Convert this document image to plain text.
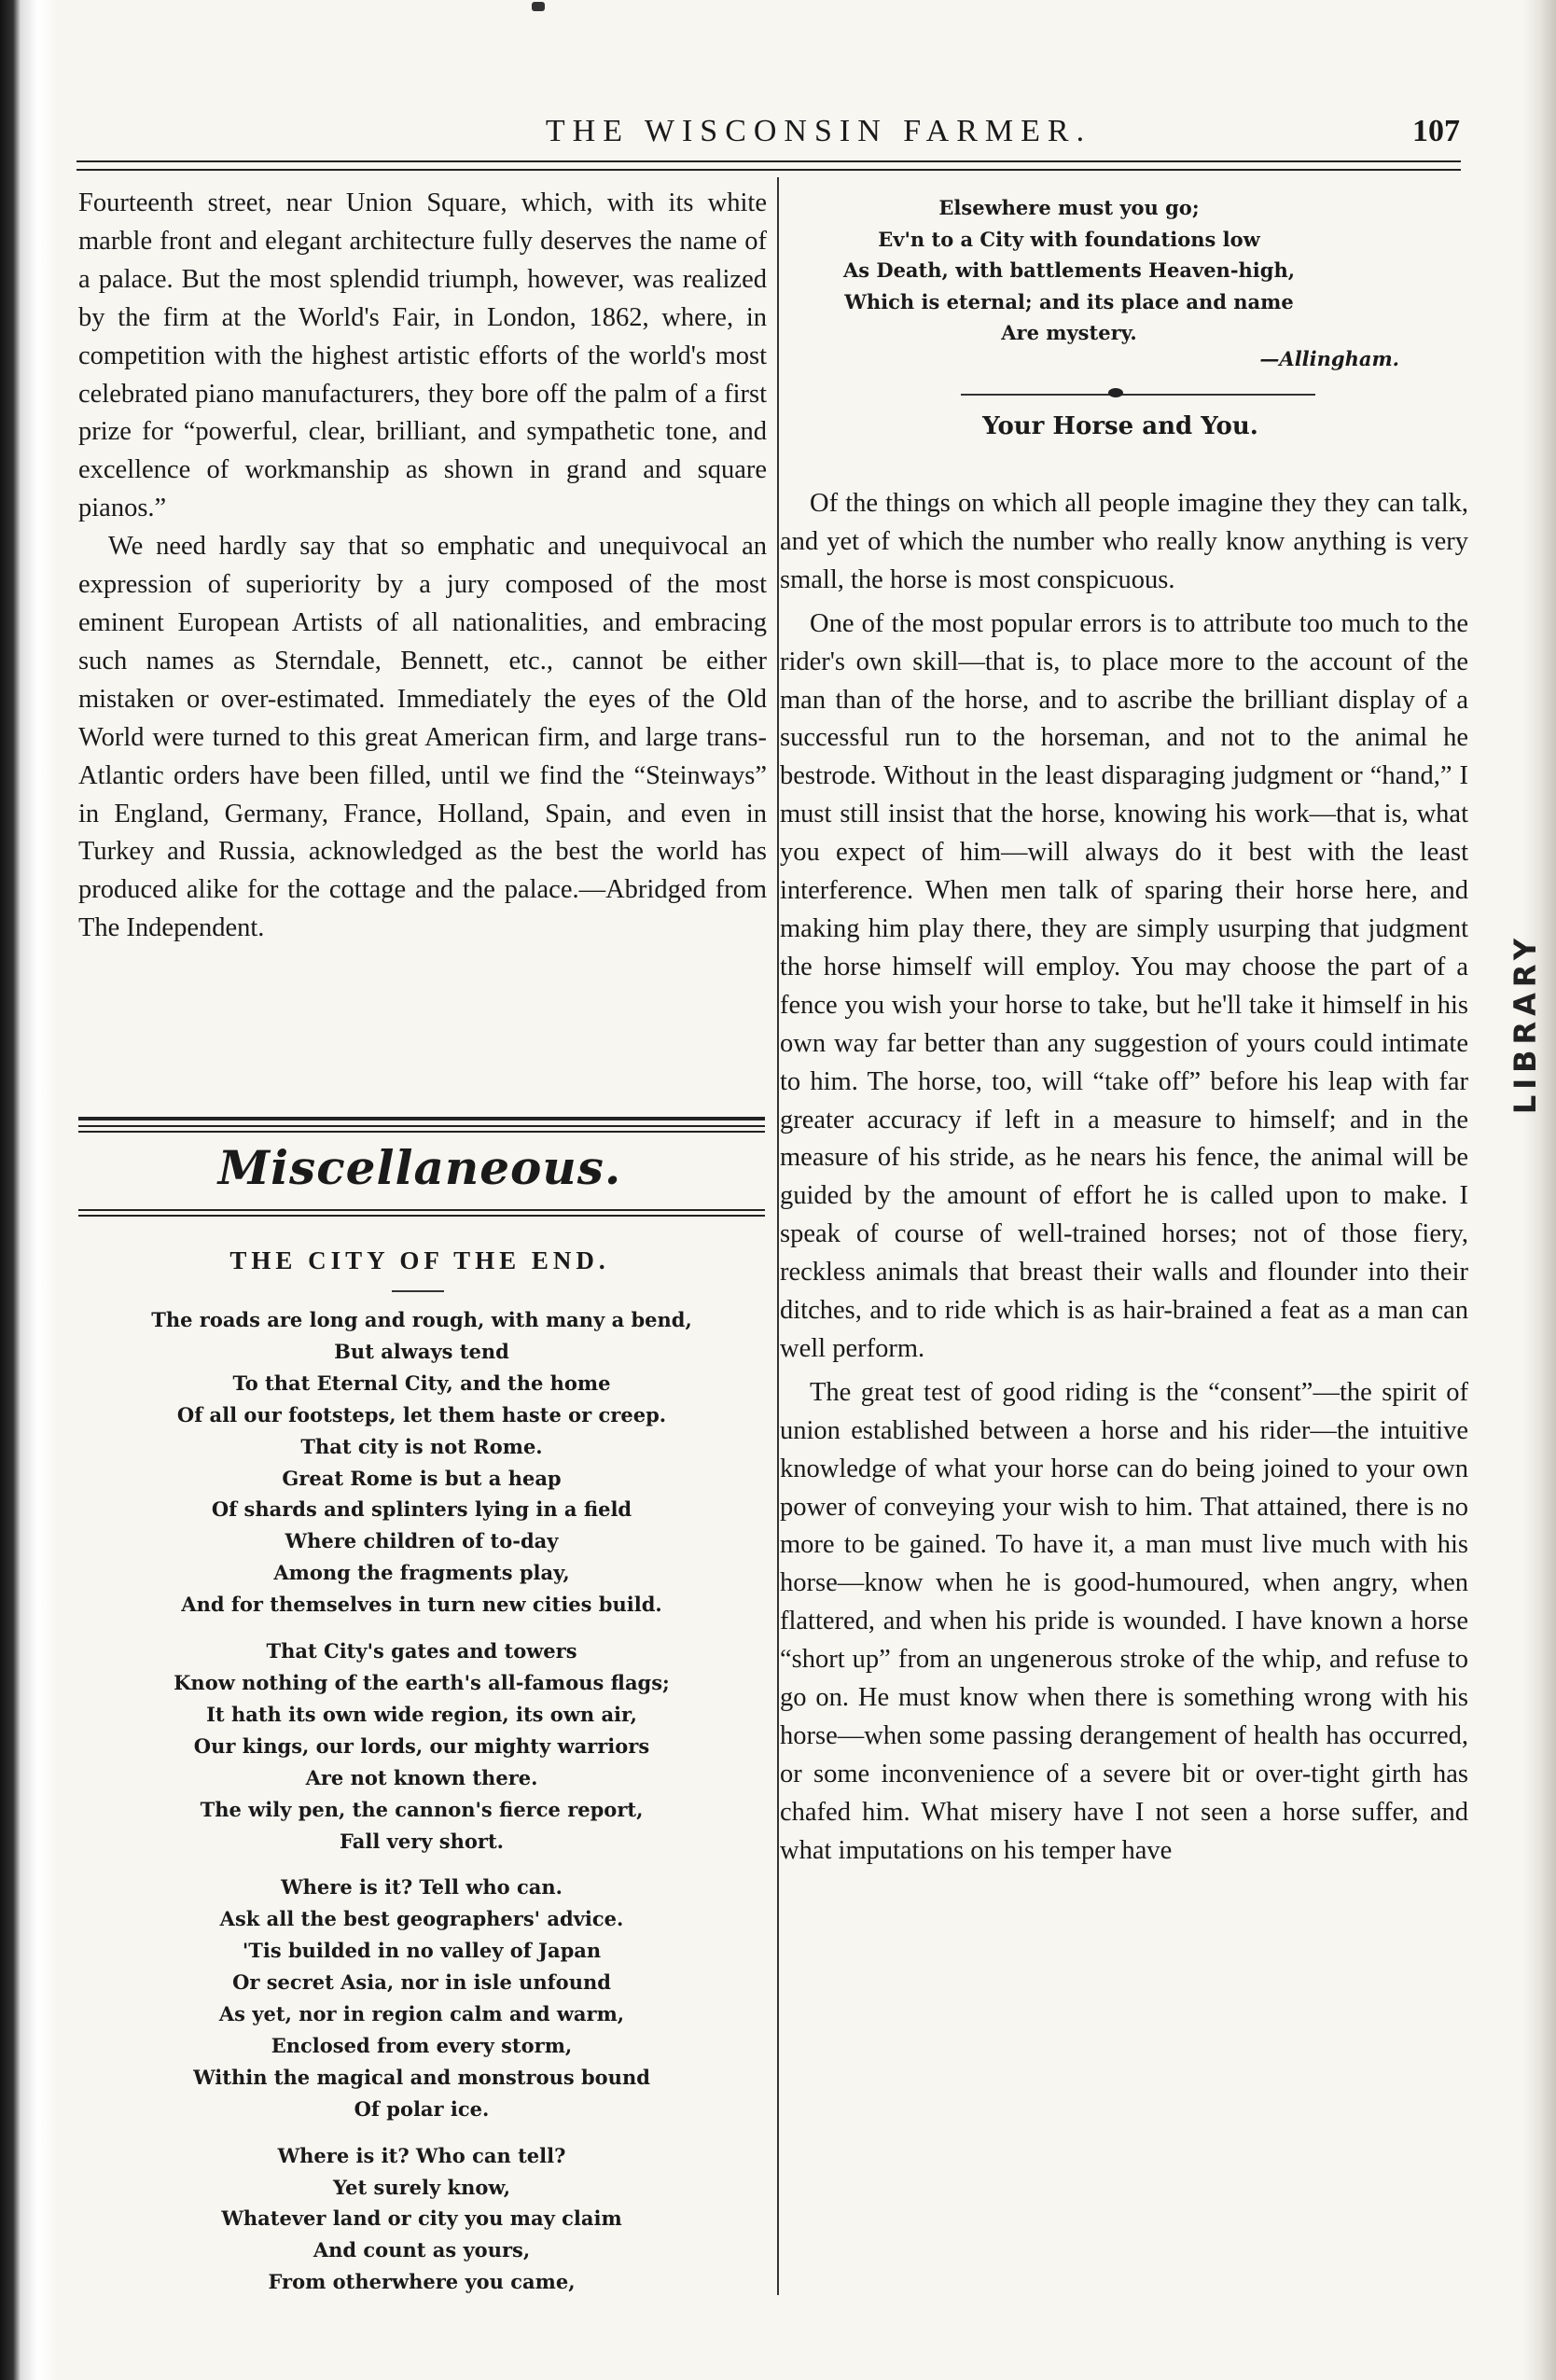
THE WISCONSIN FARMER.	107

Fourteenth street, near Union Square, which, with its white marble front and elegant architecture fully deserves the name of a palace. But the most splendid triumph, however, was realized by the firm at the World's Fair, in London, 1862, where, in competition with the highest artistic efforts of the world's most celebrated piano manufacturers, they bore off the palm of a first prize for “powerful, clear, brilliant, and sympathetic tone, and excellence of workmanship as shown in grand and square pianos.”

We need hardly say that so emphatic and unequivocal an expression of superiority by a jury composed of the most eminent European Artists of all nationalities, and embracing such names as Sterndale, Bennett, etc., cannot be either mistaken or over-estimated. Immediately the eyes of the Old World were turned to this great American firm, and large trans-Atlantic orders have been filled, until we find the “Steinways” in England, Germany, France, Holland, Spain, and even in Turkey and Russia, acknowledged as the best the world has produced alike for the cottage and the palace.—Abridged from The Independent.

Miscellaneous.
THE CITY OF THE END.
The roads are long and rough, with many a bend,
But always tend
To that Eternal City, and the home
Of all our footsteps, let them haste or creep.
That city is not Rome.
Great Rome is but a heap
Of shards and splinters lying in a field
Where children of to-day
Among the fragments play,
And for themselves in turn new cities build.
That City's gates and towers
Know nothing of the earth's all-famous flags;
It hath its own wide region, its own air,
Our kings, our lords, our mighty warriors
Are not known there.
The wily pen, the cannon's fierce report,
Fall very short.
Where is it? Tell who can.
Ask all the best geographers' advice.
'Tis builded in no valley of Japan
Or secret Asia, nor in isle unfound
As yet, nor in region calm and warm,
Enclosed from every storm,
Within the magical and monstrous bound
Of polar ice.
Where is it? Who can tell?
Yet surely know,
Whatever land or city you may claim
And count as yours,
From otherwhere you came,
Elsewhere must you go;
Ev'n to a City with foundations low
As Death, with battlements Heaven-high,
Which is eternal; and its place and name
Are mystery.
—Allingham.
Your Horse and You.

Of the things on which all people imagine they they can talk, and yet of which the number who really know anything is very small, the horse is most conspicuous.

One of the most popular errors is to attribute too much to the rider's own skill—that is, to place more to the account of the man than of the horse, and to ascribe the brilliant display of a successful run to the horseman, and not to the animal he bestrode. Without in the least disparaging judgment or “hand,” I must still insist that the horse, knowing his work—that is, what you expect of him—will always do it best with the least interference. When men talk of sparing their horse here, and making him play there, they are simply usurping that judgment the horse himself will employ. You may choose the part of a fence you wish your horse to take, but he'll take it himself in his own way far better than any suggestion of yours could intimate to him. The horse, too, will “take off” before his leap with far greater accuracy if left in a measure to himself; and in the measure of his stride, as he nears his fence, the animal will be guided by the amount of effort he is called upon to make. I speak of course of well-trained horses; not of those fiery, reckless animals that breast their walls and flounder into their ditches, and to ride which is as hair-brained a feat as a man can well perform.

The great test of good riding is the “consent”—the spirit of union established between a horse and his rider—the intuitive knowledge of what your horse can do being joined to your own power of conveying your wish to him. That attained, there is no more to be gained. To have it, a man must live much with his horse—know when he is good-humoured, when angry, when flattered, and when his pride is wounded. I have known a horse “short up” from an ungenerous stroke of the whip, and refuse to go on. He must know when there is something wrong with his horse—when some passing derangement of health has occurred, or some inconvenience of a severe bit or over-tight girth has chafed him. What misery have I not seen a horse suffer, and what imputations on his temper have

LIBRARY
